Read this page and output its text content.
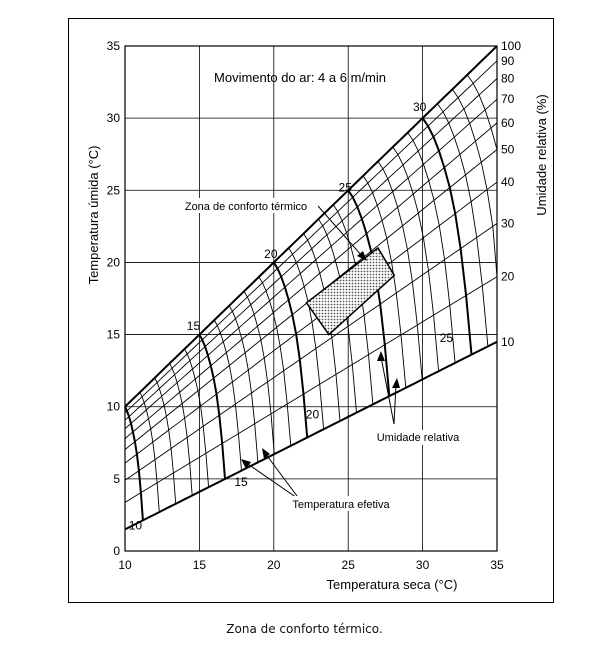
10	15	20	25	30	35
0
5
10
15
20
25
30
35	100
90
80
70
60
50
40
30
20
10
10
15
20
25
30
15
20
25
Movimento do ar: 4 a 6 m/min
Zona de conforto térmico
Umidade relativa
Temperatura efetiva
Temperatura seca (°C)
Temperatura úmida (°C)	Umidade relativa (%)
Zona de conforto térmico.
